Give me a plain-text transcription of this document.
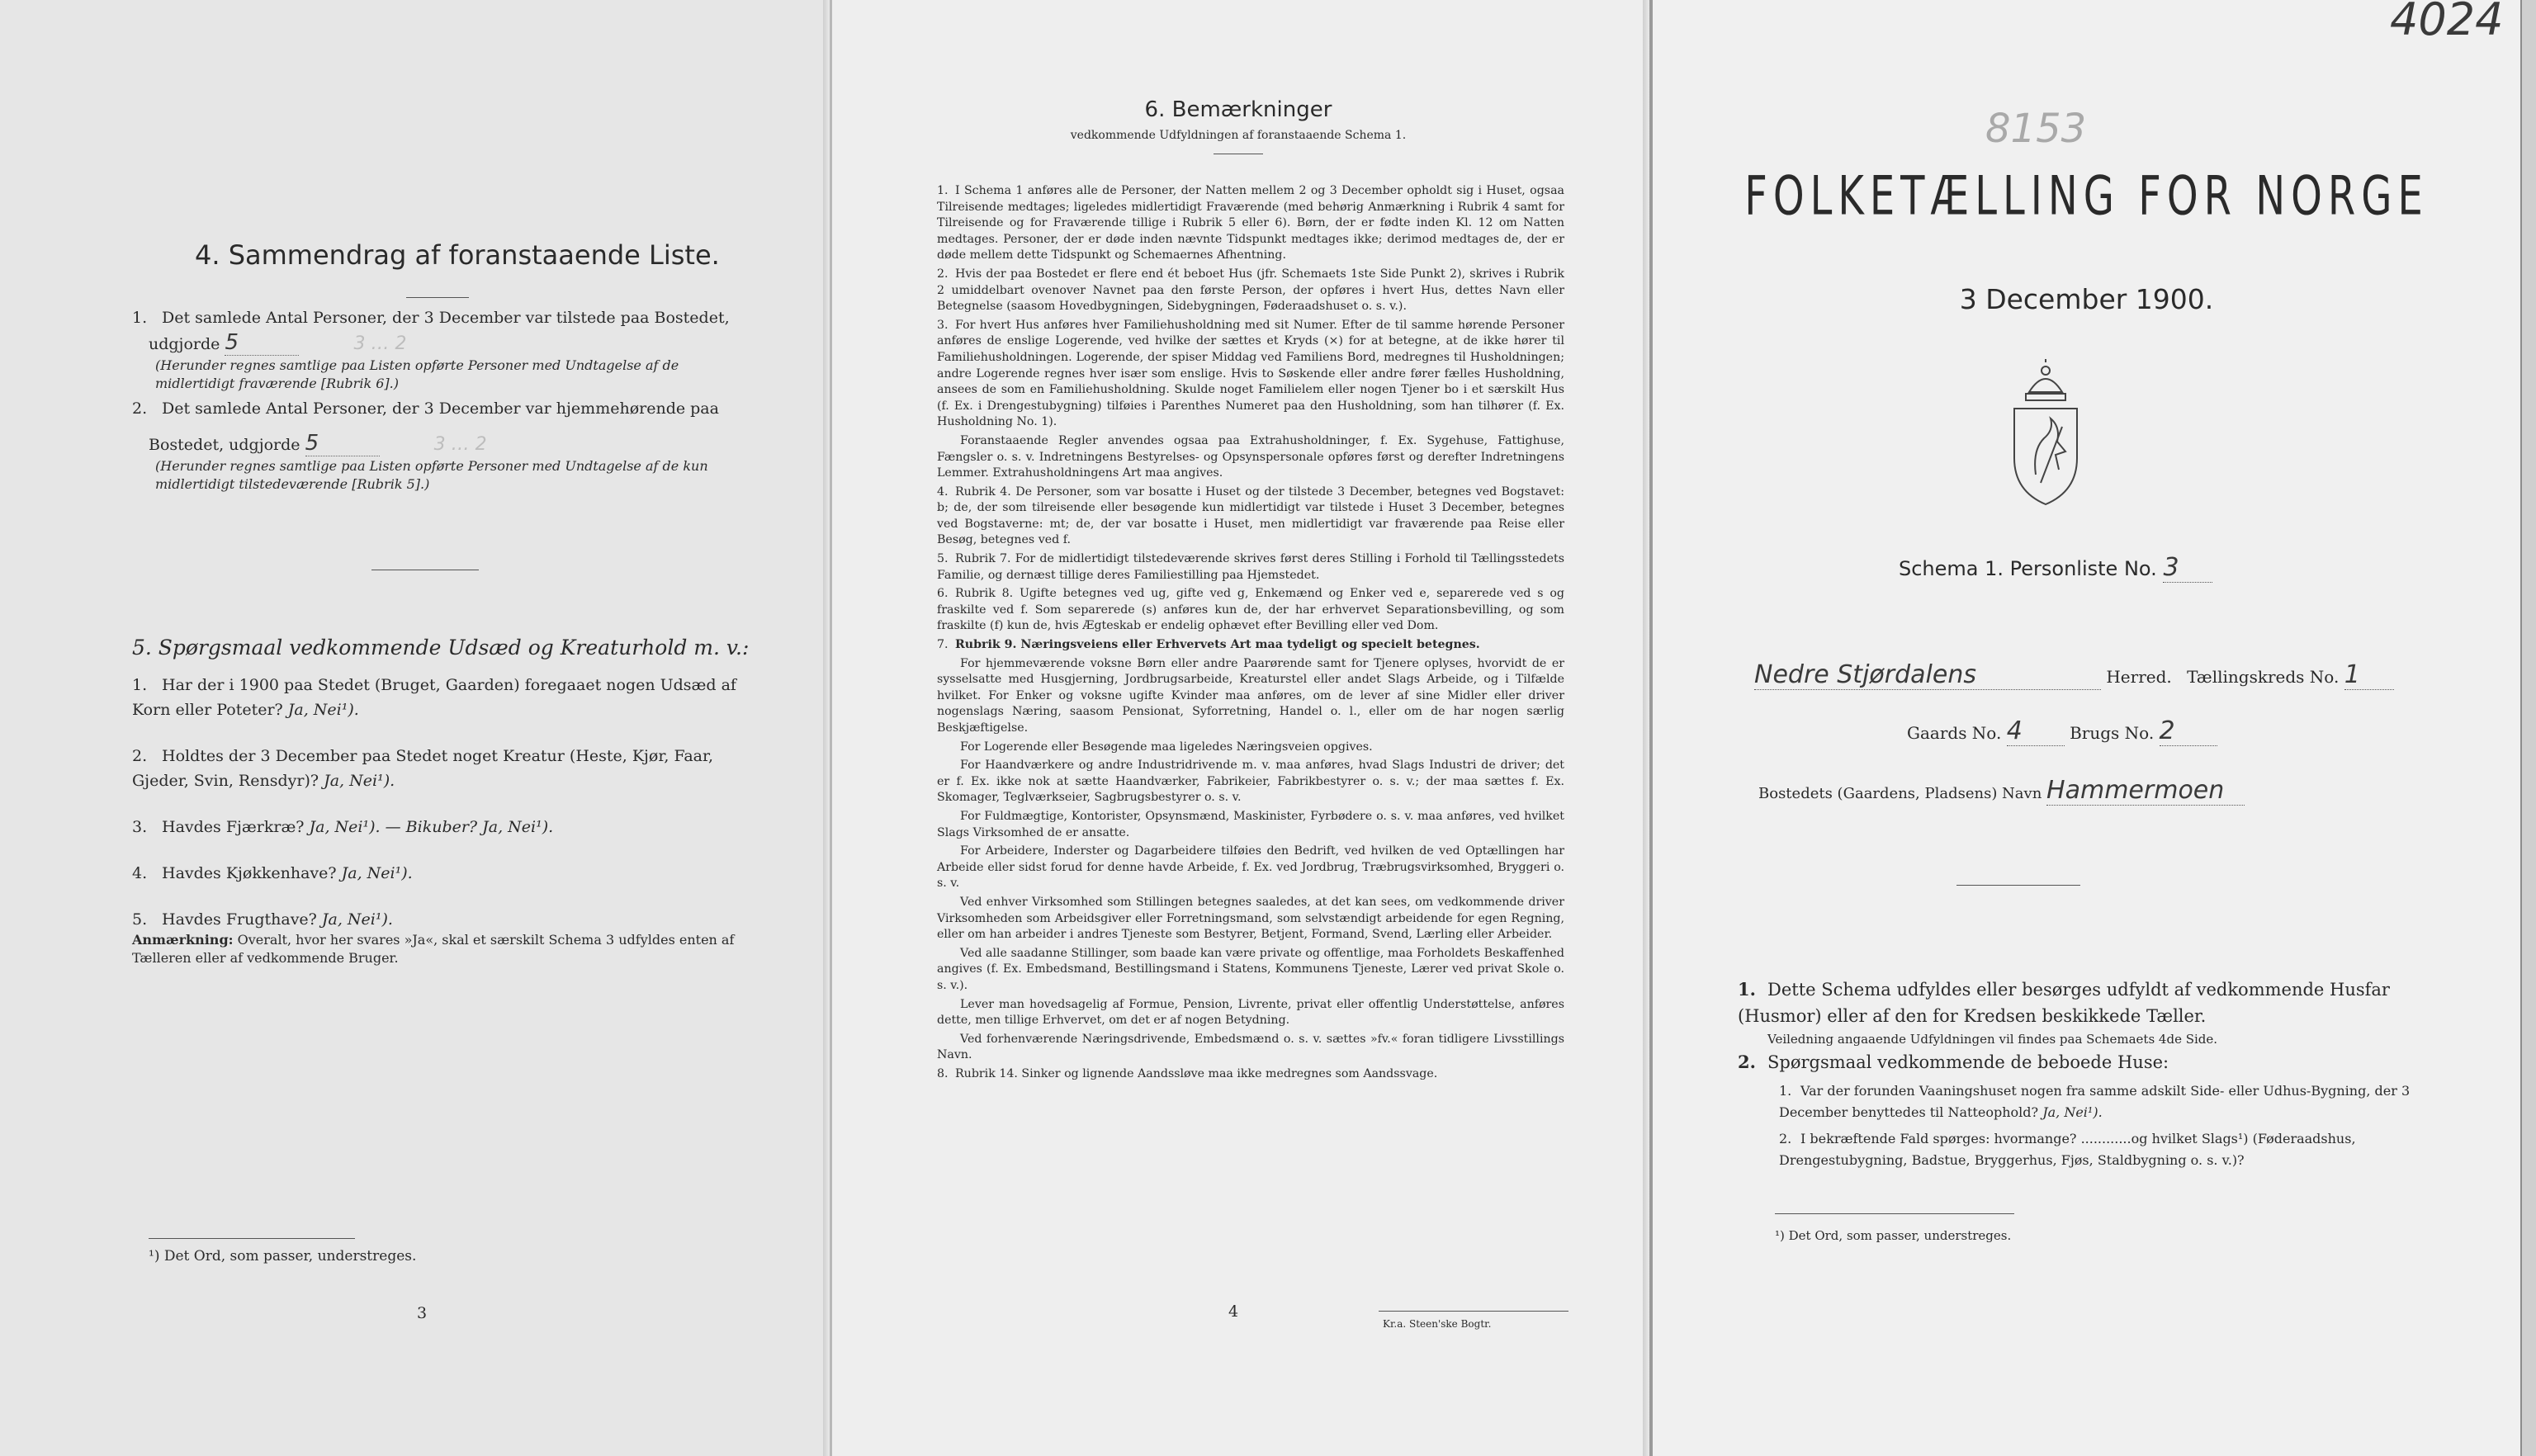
4. Sammendrag af foranstaaende Liste.
1. Det samlede Antal Personer, der 3 December var tilstede paa Bostedet,
udgjorde 5	3 … 2
(Herunder regnes samtlige paa Listen opførte Personer med Undtagelse af de midlertidigt fraværende [Rubrik 6].)
2. Det samlede Antal Personer, der 3 December var hjemmehørende paa
Bostedet, udgjorde 5	3 … 2
(Herunder regnes samtlige paa Listen opførte Personer med Undtagelse af de kun midlertidigt tilstedeværende [Rubrik 5].)
5. Spørgsmaal vedkommende Udsæd og Kreaturhold m. v.:
1. Har der i 1900 paa Stedet (Bruget, Gaarden) foregaaet nogen Udsæd af Korn eller Poteter? Ja, Nei¹).
2. Holdtes der 3 December paa Stedet noget Kreatur (Heste, Kjør, Faar, Gjeder, Svin, Rensdyr)? Ja, Nei¹).
3. Havdes Fjærkræ? Ja, Nei¹). — Bikuber? Ja, Nei¹).
4. Havdes Kjøkkenhave? Ja, Nei¹).
5. Havdes Frugthave? Ja, Nei¹).
Anmærkning: Overalt, hvor her svares »Ja«, skal et særskilt Schema 3 udfyldes enten af Tælleren eller af vedkommende Bruger.
¹) Det Ord, som passer, understreges.
3
6. Bemærkninger
vedkommende Udfyldningen af foranstaaende Schema 1.
1. I Schema 1 anføres alle de Personer, der Natten mellem 2 og 3 December opholdt sig i Huset, ogsaa Tilreisende medtages; ligeledes midlertidigt Fraværende (med behørig Anmærkning i Rubrik 4 samt for Tilreisende og for Fraværende tillige i Rubrik 5 eller 6). Børn, der er fødte inden Kl. 12 om Natten medtages. Personer, der er døde inden nævnte Tidspunkt medtages ikke; derimod medtages de, der er døde mellem dette Tidspunkt og Schemaernes Afhentning.
2. Hvis der paa Bostedet er flere end ét beboet Hus (jfr. Schemaets 1ste Side Punkt 2), skrives i Rubrik 2 umiddelbart ovenover Navnet paa den første Person, der opføres i hvert Hus, dettes Navn eller Betegnelse (saasom Hovedbygningen, Sidebygningen, Føderaadshuset o. s. v.).
3. For hvert Hus anføres hver Familiehusholdning med sit Numer. Efter de til samme hørende Personer anføres de enslige Logerende, ved hvilke der sættes et Kryds (×) for at betegne, at de ikke hører til Familiehusholdningen. Logerende, der spiser Middag ved Familiens Bord, medregnes til Husholdningen; andre Logerende regnes hver især som enslige. Hvis to Søskende eller andre fører fælles Husholdning, ansees de som en Familiehusholdning. Skulde noget Familielem eller nogen Tjener bo i et særskilt Hus (f. Ex. i Drengestubygning) tilføies i Parenthes Numeret paa den Husholdning, som han tilhører (f. Ex. Husholdning No. 1).
Foranstaaende Regler anvendes ogsaa paa Extrahusholdninger, f. Ex. Sygehuse, Fattighuse, Fængsler o. s. v. Indretningens Bestyrelses- og Opsynspersonale opføres først og derefter Indretningens Lemmer. Extrahusholdningens Art maa angives.
4. Rubrik 4. De Personer, som var bosatte i Huset og der tilstede 3 December, betegnes ved Bogstavet: b; de, der som tilreisende eller besøgende kun midlertidigt var tilstede i Huset 3 December, betegnes ved Bogstaverne: mt; de, der var bosatte i Huset, men midlertidigt var fraværende paa Reise eller Besøg, betegnes ved f.
5. Rubrik 7. For de midlertidigt tilstedeværende skrives først deres Stilling i Forhold til Tællingsstedets Familie, og dernæst tillige deres Familiestilling paa Hjemstedet.
6. Rubrik 8. Ugifte betegnes ved ug, gifte ved g, Enkemænd og Enker ved e, separerede ved s og fraskilte ved f. Som separerede (s) anføres kun de, der har erhvervet Separationsbevilling, og som fraskilte (f) kun de, hvis Ægteskab er endelig ophævet efter Bevilling eller ved Dom.
7. Rubrik 9. Næringsveiens eller Erhvervets Art maa tydeligt og specielt betegnes.
For hjemmeværende voksne Børn eller andre Paarørende samt for Tjenere oplyses, hvorvidt de er sysselsatte med Husgjerning, Jordbrugsarbeide, Kreaturstel eller andet Slags Arbeide, og i Tilfælde hvilket. For Enker og voksne ugifte Kvinder maa anføres, om de lever af sine Midler eller driver nogenslags Næring, saasom Pensionat, Syforretning, Handel o. l., eller om de har nogen særlig Beskjæftigelse.
For Logerende eller Besøgende maa ligeledes Næringsveien opgives.
For Haandværkere og andre Industridrivende m. v. maa anføres, hvad Slags Industri de driver; det er f. Ex. ikke nok at sætte Haandværker, Fabrikeier, Fabrikbestyrer o. s. v.; der maa sættes f. Ex. Skomager, Teglværkseier, Sagbrugsbestyrer o. s. v.
For Fuldmægtige, Kontorister, Opsynsmænd, Maskinister, Fyrbødere o. s. v. maa anføres, ved hvilket Slags Virksomhed de er ansatte.
For Arbeidere, Inderster og Dagarbeidere tilføies den Bedrift, ved hvilken de ved Optællingen har Arbeide eller sidst forud for denne havde Arbeide, f. Ex. ved Jordbrug, Træbrugsvirksomhed, Bryggeri o. s. v.
Ved enhver Virksomhed som Stillingen betegnes saaledes, at det kan sees, om vedkommende driver Virksomheden som Arbeidsgiver eller Forretningsmand, som selvstændigt arbeidende for egen Regning, eller om han arbeider i andres Tjeneste som Bestyrer, Betjent, Formand, Svend, Lærling eller Arbeider.
Ved alle saadanne Stillinger, som baade kan være private og offentlige, maa Forholdets Beskaffenhed angives (f. Ex. Embedsmand, Bestillingsmand i Statens, Kommunens Tjeneste, Lærer ved privat Skole o. s. v.).
Lever man hovedsagelig af Formue, Pension, Livrente, privat eller offentlig Understøttelse, anføres dette, men tillige Erhvervet, om det er af nogen Betydning.
Ved forhenværende Næringsdrivende, Embedsmænd o. s. v. sættes »fv.« foran tidligere Livsstillings Navn.
8. Rubrik 14. Sinker og lignende Aandssløve maa ikke medregnes som Aandssvage.
4
Kr.a. Steen'ske Bogtr.
4024
8153
FOLKETÆLLING FOR NORGE
3 December 1900.
Schema 1. Personliste No. 3
Nedre Stjørdalens	Herred. Tællingskreds No. 1
Gaards No. 4	Brugs No. 2
Bostedets (Gaardens, Pladsens) Navn Hammermoen
1. Dette Schema udfyldes eller besørges udfyldt af vedkommende Husfar (Husmor) eller af den for Kredsen beskikkede Tæller.
Veiledning angaaende Udfyldningen vil findes paa Schemaets 4de Side.
2. Spørgsmaal vedkommende de beboede Huse:
1. Var der forunden Vaaningshuset nogen fra samme adskilt Side- eller Udhus-Bygning, der 3 December benyttedes til Natteophold? Ja, Nei¹).
2. I bekræftende Fald spørges: hvormange? ............og hvilket Slags¹) (Føderaadshus, Drengestubygning, Badstue, Bryggerhus, Fjøs, Staldbygning o. s. v.)?
¹) Det Ord, som passer, understreges.
